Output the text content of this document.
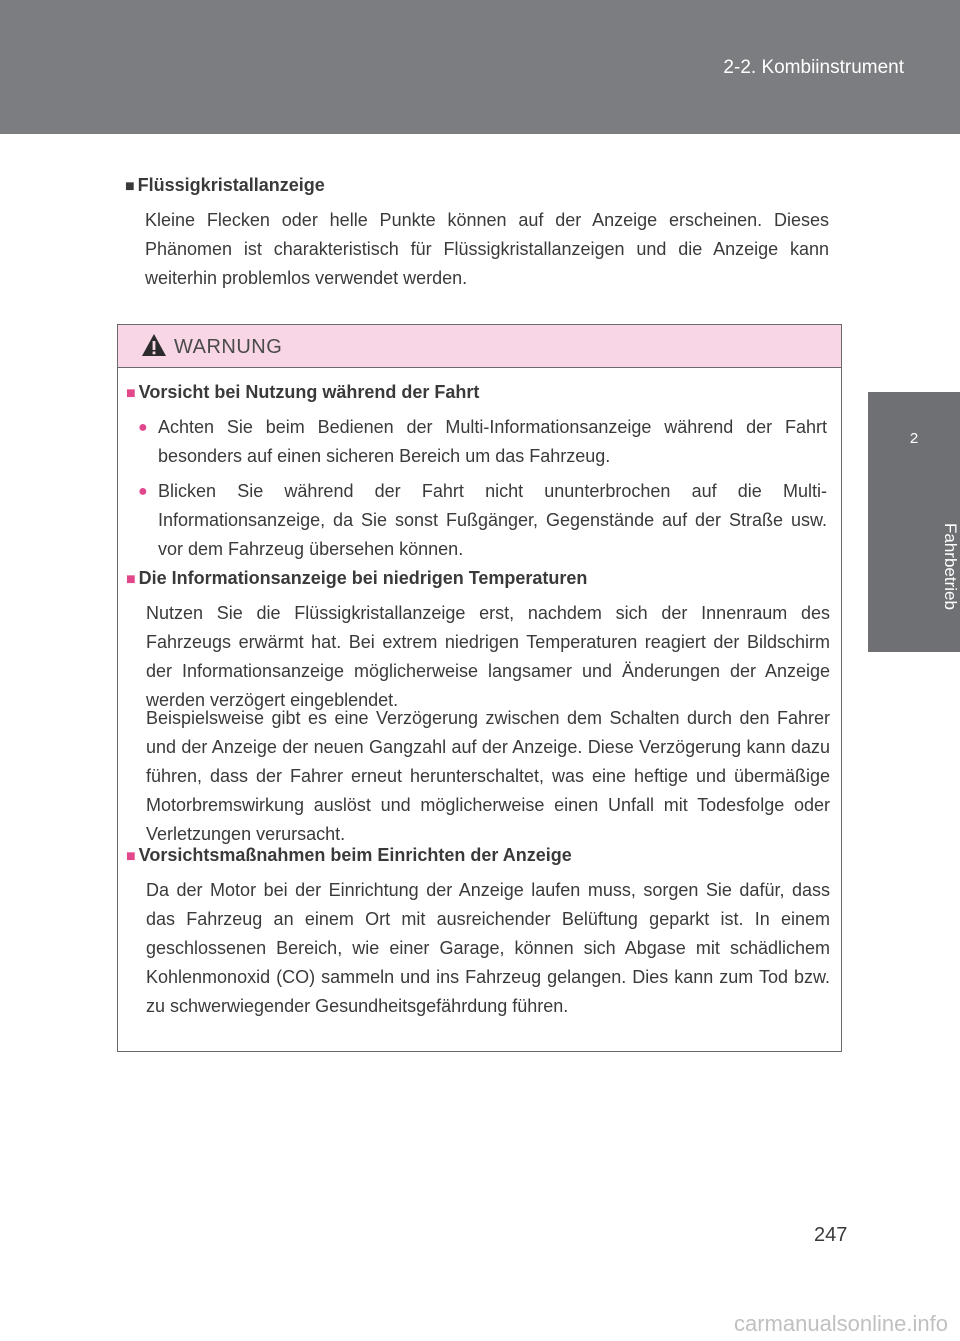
2-2. Kombiinstrument
2
Fahrbetrieb
■ Flüssigkristallanzeige
Kleine Flecken oder helle Punkte können auf der Anzeige erscheinen. Dieses Phänomen ist charakteristisch für Flüssigkristallanzeigen und die Anzeige kann weiterhin problemlos verwendet werden.
WARNUNG
■ Vorsicht bei Nutzung während der Fahrt
● Achten Sie beim Bedienen der Multi-Informationsanzeige während der Fahrt besonders auf einen sicheren Bereich um das Fahrzeug.
● Blicken Sie während der Fahrt nicht ununterbrochen auf die Multi-Informationsanzeige, da Sie sonst Fußgänger, Gegenstände auf der Straße usw. vor dem Fahrzeug übersehen können.
■ Die Informationsanzeige bei niedrigen Temperaturen
Nutzen Sie die Flüssigkristallanzeige erst, nachdem sich der Innenraum des Fahrzeugs erwärmt hat. Bei extrem niedrigen Temperaturen reagiert der Bildschirm der Informationsanzeige möglicherweise langsamer und Änderungen der Anzeige werden verzögert eingeblendet.
Beispielsweise gibt es eine Verzögerung zwischen dem Schalten durch den Fahrer und der Anzeige der neuen Gangzahl auf der Anzeige. Diese Verzögerung kann dazu führen, dass der Fahrer erneut herunterschaltet, was eine heftige und übermäßige Motorbremswirkung auslöst und möglicherweise einen Unfall mit Todesfolge oder Verletzungen verursacht.
■ Vorsichtsmaßnahmen beim Einrichten der Anzeige
Da der Motor bei der Einrichtung der Anzeige laufen muss, sorgen Sie dafür, dass das Fahrzeug an einem Ort mit ausreichender Belüftung geparkt ist. In einem geschlossenen Bereich, wie einer Garage, können sich Abgase mit schädlichem Kohlenmonoxid (CO) sammeln und ins Fahrzeug gelangen. Dies kann zum Tod bzw. zu schwerwiegender Gesundheitsgefährdung führen.
247
carmanualsonline.info
